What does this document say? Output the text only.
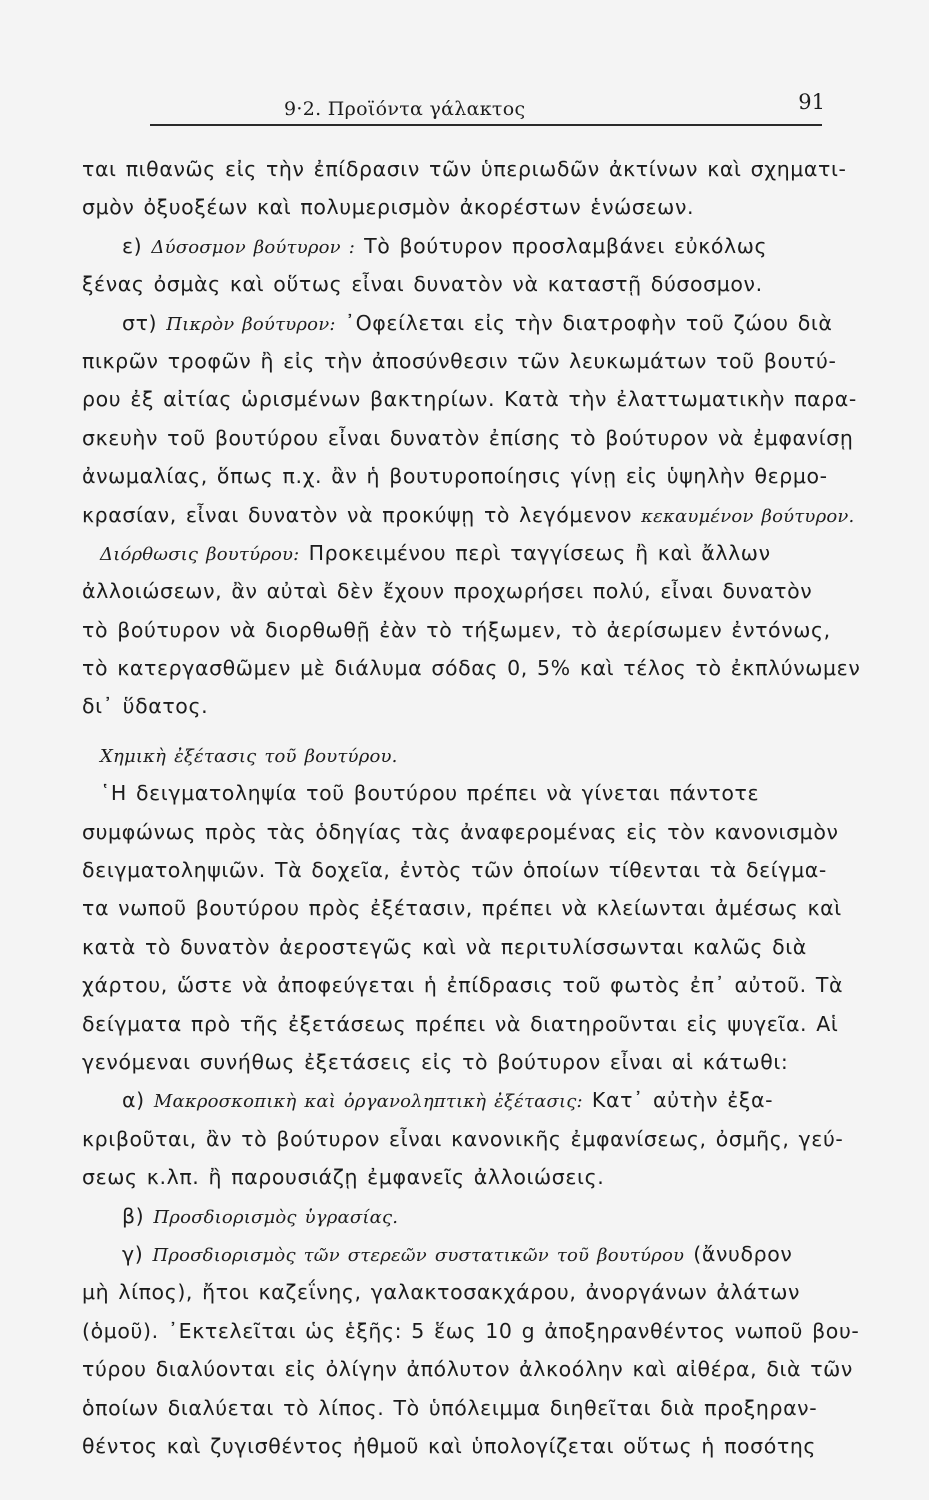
9·2. Προϊόντα γάλακτος	91
ται πιθανῶς εἰς τὴν ἐπίδρασιν τῶν ὑπεριωδῶν ἀκτίνων καὶ σχηματι-
σμὸν ὀξυοξέων καὶ πολυμερισμὸν ἀκορέστων ἑνώσεων.
ε) Δύσοσμον βούτυρον : Τὸ βούτυρον προσλαμβάνει εὐκόλως
ξένας ὀσμὰς καὶ οὕτως εἶναι δυνατὸν νὰ καταστῇ δύσοσμον.
στ) Πικρὸν βούτυρον: ᾿Οφείλεται εἰς τὴν διατροφὴν τοῦ ζώου διὰ
πικρῶν τροφῶν ἢ εἰς τὴν ἀποσύνθεσιν τῶν λευκωμάτων τοῦ βουτύ-
ρου ἐξ αἰτίας ὡρισμένων βακτηρίων. Κατὰ τὴν ἐλαττωματικὴν παρα-
σκευὴν τοῦ βουτύρου εἶναι δυνατὸν ἐπίσης τὸ βούτυρον νὰ ἐμφανίσῃ
ἀνωμαλίας, ὅπως π.χ. ἂν ἡ βουτυροποίησις γίνῃ εἰς ὑψηλὴν θερμο-
κρασίαν, εἶναι δυνατὸν νὰ προκύψῃ τὸ λεγόμενον κεκαυμένον βούτυρον.
Διόρθωσις βουτύρου: Προκειμένου περὶ ταγγίσεως ἢ καὶ ἄλλων
ἀλλοιώσεων, ἂν αὐταὶ δὲν ἔχουν προχωρήσει πολύ, εἶναι δυνατὸν
τὸ βούτυρον νὰ διορθωθῇ ἐὰν τὸ τήξωμεν, τὸ ἀερίσωμεν ἐντόνως,
τὸ κατεργασθῶμεν μὲ διάλυμα σόδας 0, 5% καὶ τέλος τὸ ἐκπλύνωμεν
δι᾿ ὕδατος.
Χημικὴ ἐξέτασις τοῦ βουτύρου.
῾Η δειγματοληψία τοῦ βουτύρου πρέπει νὰ γίνεται πάντοτε
συμφώνως πρὸς τὰς ὁδηγίας τὰς ἀναφερομένας εἰς τὸν κανονισμὸν
δειγματοληψιῶν. Τὰ δοχεῖα, ἐντὸς τῶν ὁποίων τίθενται τὰ δείγμα-
τα νωποῦ βουτύρου πρὸς ἐξέτασιν, πρέπει νὰ κλείωνται ἀμέσως καὶ
κατὰ τὸ δυνατὸν ἀεροστεγῶς καὶ νὰ περιτυλίσσωνται καλῶς διὰ
χάρτου, ὥστε νὰ ἀποφεύγεται ἡ ἐπίδρασις τοῦ φωτὸς ἐπ᾿ αὐτοῦ. Τὰ
δείγματα πρὸ τῆς ἐξετάσεως πρέπει νὰ διατηροῦνται εἰς ψυγεῖα. Αἱ
γενόμεναι συνήθως ἐξετάσεις εἰς τὸ βούτυρον εἶναι αἱ κάτωθι:
α) Μακροσκοπικὴ καὶ ὀργανοληπτικὴ ἐξέτασις: Κατ᾿ αὐτὴν ἐξα-
κριβοῦται, ἂν τὸ βούτυρον εἶναι κανονικῆς ἐμφανίσεως, ὀσμῆς, γεύ-
σεως κ.λπ. ἢ παρουσιάζῃ ἐμφανεῖς ἀλλοιώσεις.
β) Προσδιορισμὸς ὑγρασίας.
γ) Προσδιορισμὸς τῶν στερεῶν συστατικῶν τοῦ βουτύρου (ἄνυδρον
μὴ λίπος), ἤτοι καζεΐνης, γαλακτοσακχάρου, ἀνοργάνων ἀλάτων
(ὁμοῦ). ᾿Εκτελεῖται ὡς ἑξῆς: 5 ἕως 10 g ἀποξηρανθέντος νωποῦ βου-
τύρου διαλύονται εἰς ὀλίγην ἀπόλυτον ἀλκοόλην καὶ αἰθέρα, διὰ τῶν
ὁποίων διαλύεται τὸ λίπος. Τὸ ὑπόλειμμα διηθεῖται διὰ προξηραν-
θέντος καὶ ζυγισθέντος ἠθμοῦ καὶ ὑπολογίζεται οὕτως ἡ ποσότης
